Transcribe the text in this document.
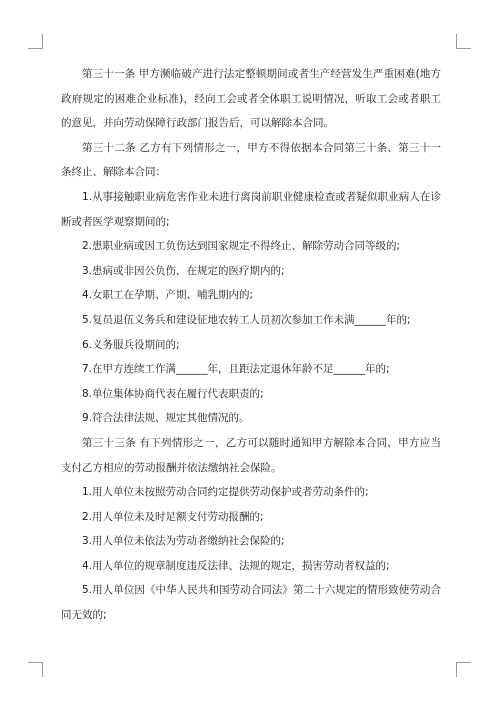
第三十一条 甲方濒临破产进行法定整顿期间或者生产经营发生严重困难(地方政府规定的困难企业标准)，经向工会或者全体职工说明情况，听取工会或者职工的意见，并向劳动保障行政部门报告后，可以解除本合同。

第三十二条 乙方有下列情形之一，甲方不得依据本合同第三十条、第三十一条终止、解除本合同：

1.从事接触职业病危害作业未进行离岗前职业健康检查或者疑似职业病人在诊断或者医学观察期间的;

2.患职业病或因工负伤达到国家规定不得终止、解除劳动合同等级的;

3.患病或非因公负伤，在规定的医疗期内的;

4.女职工在孕期、产期、哺乳期内的;

5.复员退伍义务兵和建设征地农转工人员初次参加工作未满______年的;

6.义务服兵役期间的;

7.在甲方连续工作满______年，且距法定退休年龄不足______年的;

8.单位集体协商代表在履行代表职责的;

9.符合法律法规、规定其他情况的。

第三十三条 有下列情形之一，乙方可以随时通知甲方解除本合同，甲方应当支付乙方相应的劳动报酬并依法缴纳社会保险。

1.用人单位未按照劳动合同约定提供劳动保护或者劳动条件的;

2.用人单位未及时足额支付劳动报酬的;

3.用人单位未依法为劳动者缴纳社会保险的;

4.用人单位的规章制度违反法律、法规的规定，损害劳动者权益的;

5.用人单位因《中华人民共和国劳动合同法》第二十六规定的情形致使劳动合同无效的;
